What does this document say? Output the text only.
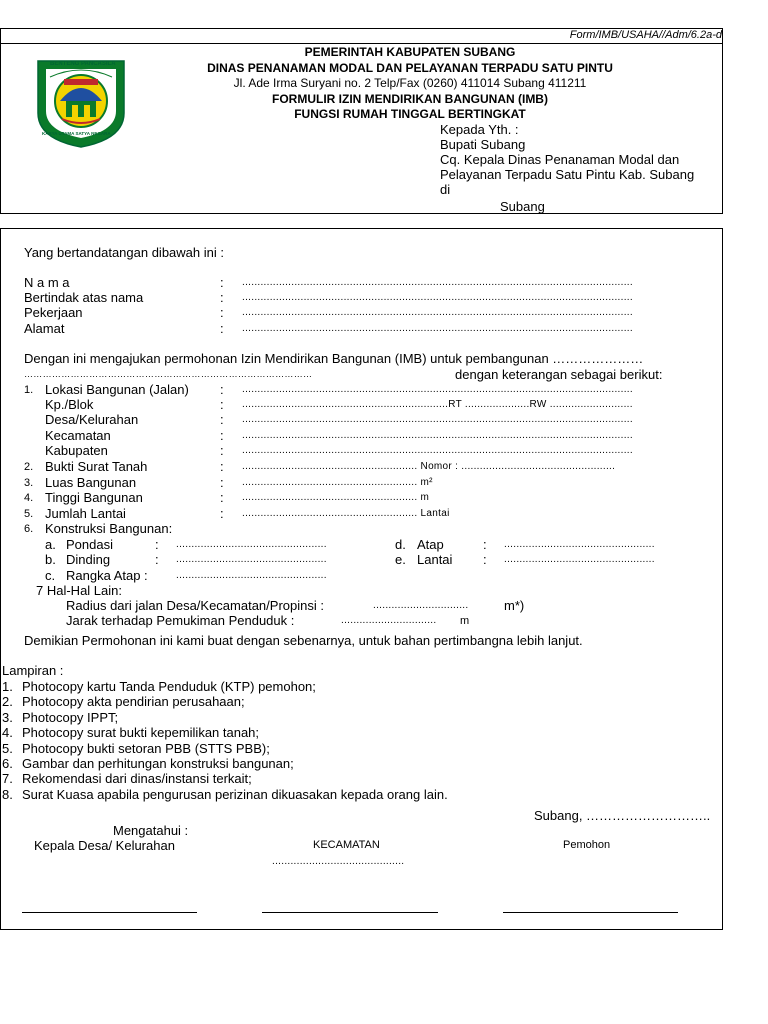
Form/IMB/USAHA//Adm/6.2a-d
BENTENG PANCASILA
KARYA UTAMA SATYA NEGARA
PEMERINTAH KABUPATEN SUBANG
DINAS PENANAMAN MODAL DAN PELAYANAN TERPADU SATU PINTU
Jl. Ade Irma Suryani no. 2 Telp/Fax (0260) 411014 Subang 411211
FORMULIR IZIN MENDIRIKAN BANGUNAN (IMB)
FUNGSI RUMAH TINGGAL BERTINGKAT
Kepada Yth. :
Bupati Subang
Cq. Kepala Dinas Penanaman Modal dan
Pelayanan Terpadu Satu Pintu Kab. Subang
di
Subang
Yang bertandatangan dibawah ini :
N a m a	: ...............................................................................................................................
Bertindak atas nama	: ...............................................................................................................................
Pekerjaan	: ...............................................................................................................................
Alamat	: ...............................................................................................................................
Dengan ini mengajukan permohonan Izin Mendirikan Bangunan (IMB) untuk pembangunan …………………
…………………………………………………………………………………	dengan keterangan sebagai berikut:
1. Lokasi Bangunan (Jalan) : ...............................................................................................................................
Kp./Blok	: ...................................................................RT .....................RW ...........................
Desa/Kelurahan	: ...............................................................................................................................
Kecamatan	: ...............................................................................................................................
Kabupaten	: ...............................................................................................................................
2. Bukti Surat Tanah	: ......................................................... Nomor : ..................................................
3. Luas Bangunan	: ......................................................... m²
4. Tinggi Bangunan	: ......................................................... m
5. Jumlah Lantai	: ......................................................... Lantai
6. Konstruksi Bangunan:
a. Pondasi	: .................................................	d. Atap	: .................................................
b. Dinding	: .................................................	e. Lantai : .................................................
c. Rangka Atap :	.................................................
7 Hal-Hal Lain:
Radius dari jalan Desa/Kecamatan/Propinsi :	...............................	m*)
Jarak terhadap Pemukiman Penduduk :	............................... m
Demikian Permohonan ini kami buat dengan sebenarnya, untuk bahan pertimbangna lebih lanjut.
Lampiran :
1. Photocopy kartu Tanda Penduduk (KTP) pemohon;
2. Photocopy akta pendirian perusahaan;
3. Photocopy IPPT;
4. Photocopy surat bukti kepemilikan tanah;
5. Photocopy bukti setoran PBB (STTS PBB);
6. Gambar dan perhitungan konstruksi bangunan;
7. Rekomendasi dari dinas/instansi terkait;
8. Surat Kuasa apabila pengurusan perizinan dikuasakan kepada orang lain.
Subang, ………………………..
Mengatahui :
Kepala Desa/ Kelurahan	KECAMATAN	Pemohon
...........................................
